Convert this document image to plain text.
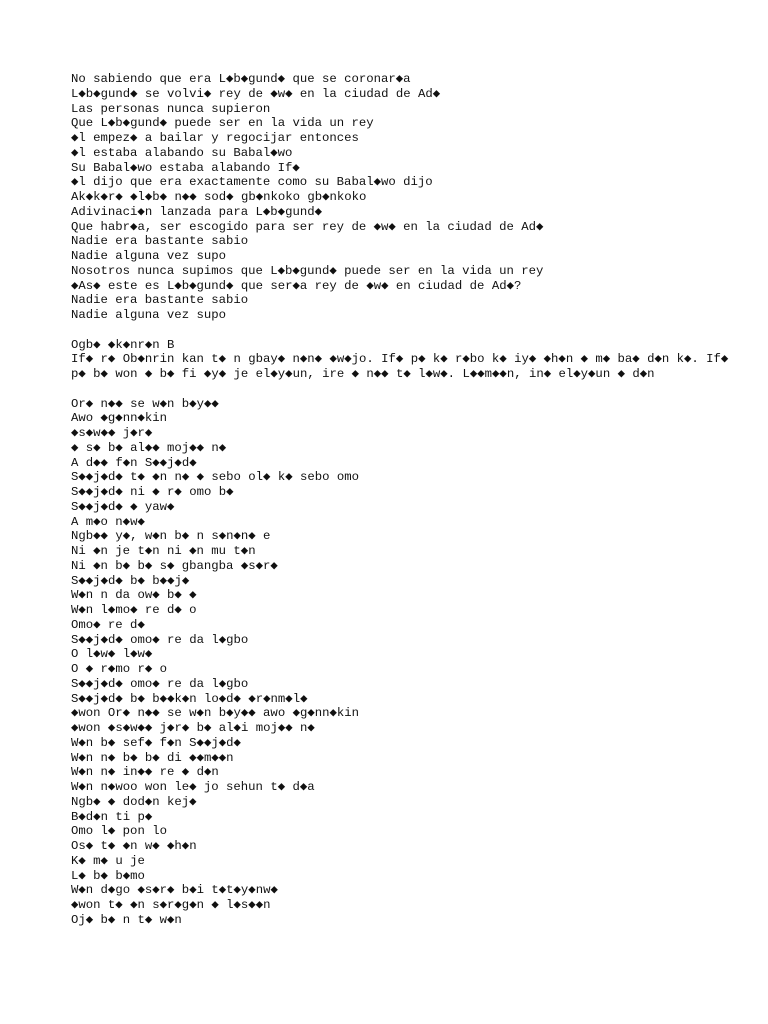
No sabiendo que era L◆b◆gund◆ que se coronar◆a
L◆b◆gund◆ se volvi◆ rey de ◆w◆ en la ciudad de Ad◆
Las personas nunca supieron
Que L◆b◆gund◆ puede ser en la vida un rey
◆l empez◆ a bailar y regocijar entonces
◆l estaba alabando su Babal◆wo
Su Babal◆wo estaba alabando If◆
◆l dijo que era exactamente como su Babal◆wo dijo
Ak◆k◆r◆ ◆l◆b◆ n◆◆ sod◆ gb◆nkoko gb◆nkoko
Adivinaci◆n lanzada para L◆b◆gund◆
Que habr◆a, ser escogido para ser rey de ◆w◆ en la ciudad de Ad◆
Nadie era bastante sabio
Nadie alguna vez supo
Nosotros nunca supimos que L◆b◆gund◆ puede ser en la vida un rey
◆As◆ este es L◆b◆gund◆ que ser◆a rey de ◆w◆ en ciudad de Ad◆?
Nadie era bastante sabio
Nadie alguna vez supo
Ogb◆ ◆k◆nr◆n B
If◆ r◆ Ob◆nrin kan t◆ n gbay◆ n◆n◆ ◆w◆jo. If◆ p◆ k◆ r◆bo k◆ iy◆ ◆h◆n ◆ m◆ ba◆ d◆n k◆. If◆ p◆ b◆ won ◆ b◆ fi ◆y◆ je el◆y◆un, ire ◆ n◆◆ t◆ l◆w◆. L◆◆m◆◆n, in◆ el◆y◆un ◆ d◆n
Or◆ n◆◆ se w◆n b◆y◆◆
Awo ◆g◆nn◆kin
◆s◆w◆◆ j◆r◆
◆ s◆ b◆ al◆◆ moj◆◆ n◆
A d◆◆ f◆n S◆◆j◆d◆
S◆◆j◆d◆ t◆ ◆n n◆ ◆ sebo ol◆ k◆ sebo omo
S◆◆j◆d◆ ni ◆ r◆ omo b◆
S◆◆j◆d◆ ◆ yaw◆
A m◆o n◆w◆
Ngb◆◆ y◆, w◆n b◆ n s◆n◆n◆ e
Ni ◆n je t◆n ni ◆n mu t◆n
Ni ◆n b◆ b◆ s◆ gbangba ◆s◆r◆
S◆◆j◆d◆ b◆ b◆◆j◆
W◆n n da ow◆ b◆ ◆
W◆n l◆mo◆ re d◆ o
Omo◆ re d◆
S◆◆j◆d◆ omo◆ re da l◆gbo
O l◆w◆ l◆w◆
O ◆ r◆mo r◆ o
S◆◆j◆d◆ omo◆ re da l◆gbo
S◆◆j◆d◆ b◆ b◆◆k◆n lo◆d◆ ◆r◆nm◆l◆
◆won Or◆ n◆◆ se w◆n b◆y◆◆ awo ◆g◆nn◆kin
◆won ◆s◆w◆◆ j◆r◆ b◆ al◆i moj◆◆ n◆
W◆n b◆ sef◆ f◆n S◆◆j◆d◆
W◆n n◆ b◆ b◆ di ◆◆m◆◆n
W◆n n◆ in◆◆ re ◆ d◆n
W◆n n◆woo won le◆ jo sehun t◆ d◆a
Ngb◆ ◆ dod◆n kej◆
B◆d◆n ti p◆
Omo l◆ pon lo
Os◆ t◆ ◆n w◆ ◆h◆n
K◆ m◆ u je
L◆ b◆ b◆mo
W◆n d◆go ◆s◆r◆ b◆i t◆t◆y◆nw◆
◆won t◆ ◆n s◆r◆g◆n ◆ l◆s◆◆n
Oj◆ b◆ n t◆ w◆n
